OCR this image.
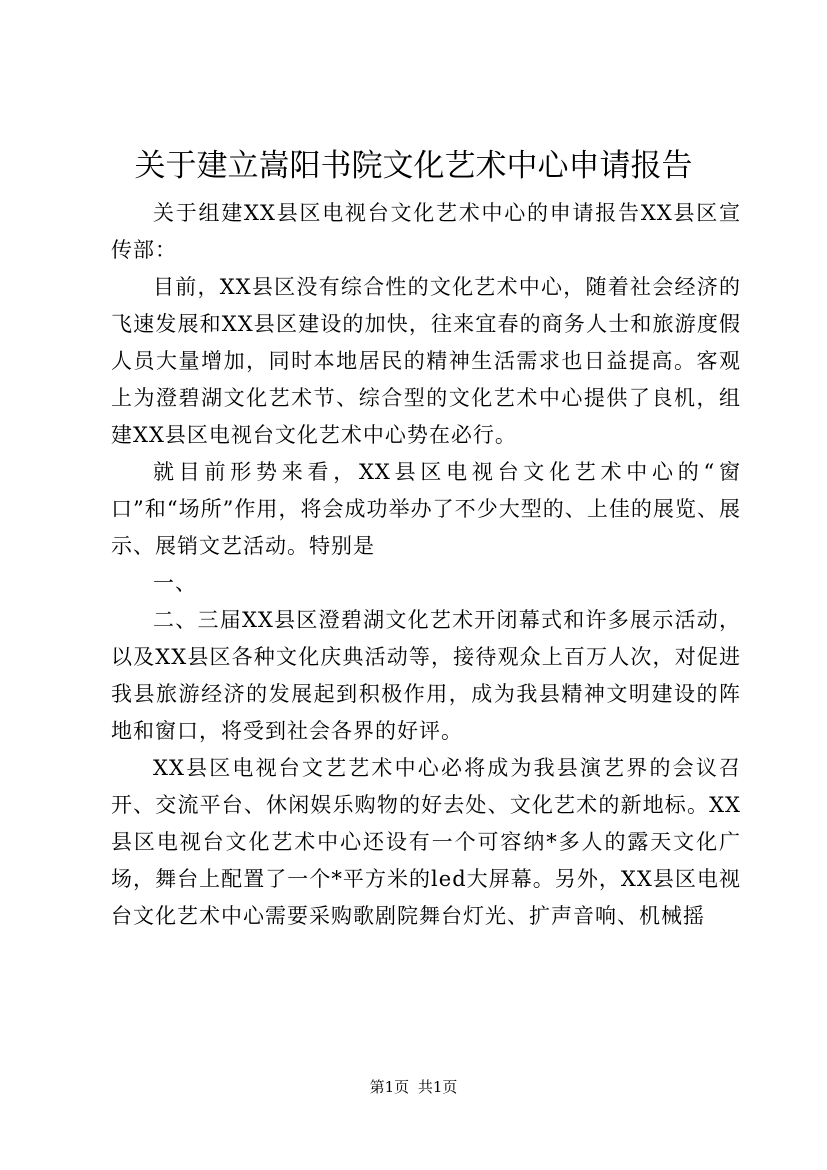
关于建立嵩阳书院文化艺术中心申请报告

关于组建XX县区电视台文化艺术中心的申请报告XX县区宣传部：

目前，XX县区没有综合性的文化艺术中心，随着社会经济的飞速发展和XX县区建设的加快，往来宜春的商务人士和旅游度假人员大量增加，同时本地居民的精神生活需求也日益提高。客观上为澄碧湖文化艺术节、综合型的文化艺术中心提供了良机，组建XX县区电视台文化艺术中心势在必行。

就目前形势来看，XX县区电视台文化艺术中心的“窗口”和“场所”作用，将会成功举办了不少大型的、上佳的展览、展示、展销文艺活动。特别是

一、

二、三届XX县区澄碧湖文化艺术开闭幕式和许多展示活动，以及XX县区各种文化庆典活动等，接待观众上百万人次，对促进我县旅游经济的发展起到积极作用，成为我县精神文明建设的阵地和窗口，将受到社会各界的好评。

XX县区电视台文艺艺术中心必将成为我县演艺界的会议召开、交流平台、休闲娱乐购物的好去处、文化艺术的新地标。XX县区电视台文化艺术中心还设有一个可容纳*多人的露天文化广场，舞台上配置了一个*平方米的led大屏幕。另外，XX县区电视台文化艺术中心需要采购歌剧院舞台灯光、扩声音响、机械摇

第1页 共1页
